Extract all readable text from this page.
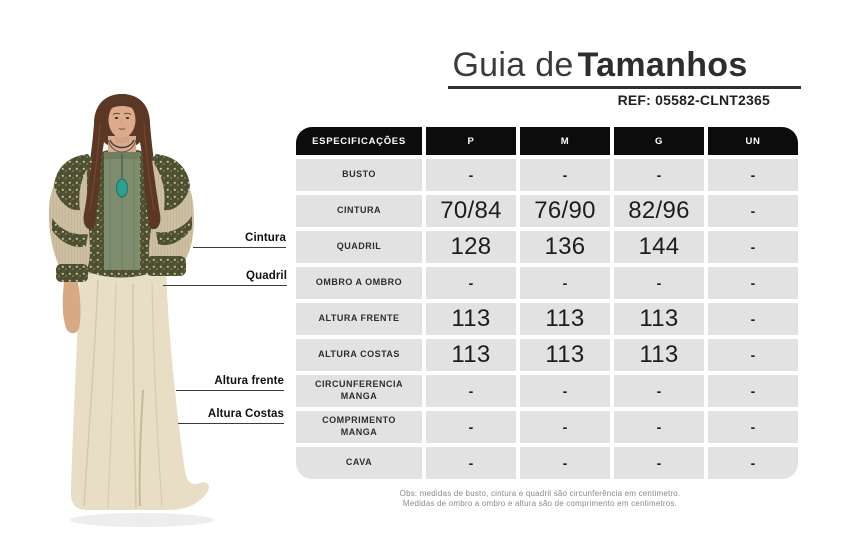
Cintura
Quadril
Altura frente
Altura Costas
Guia de Tamanhos
REF: 05582-CLNT2365
ESPECIFICAÇÕES	P	M	G	UN
BUSTO	-	-	-	-
CINTURA	70/84	76/90	82/96	-
QUADRIL	128	136	144	-
OMBRO A OMBRO	-	-	-	-
ALTURA FRENTE	113	113	113	-
ALTURA COSTAS	113	113	113	-
CIRCUNFERENCIA MANGA	-	-	-	-
COMPRIMENTO MANGA	-	-	-	-
CAVA	-	-	-	-
Obs: medidas de busto, cintura e quadril são circunferência em centimetro.
Medidas de ombro a ombro e altura são de comprimento em centimetros.
